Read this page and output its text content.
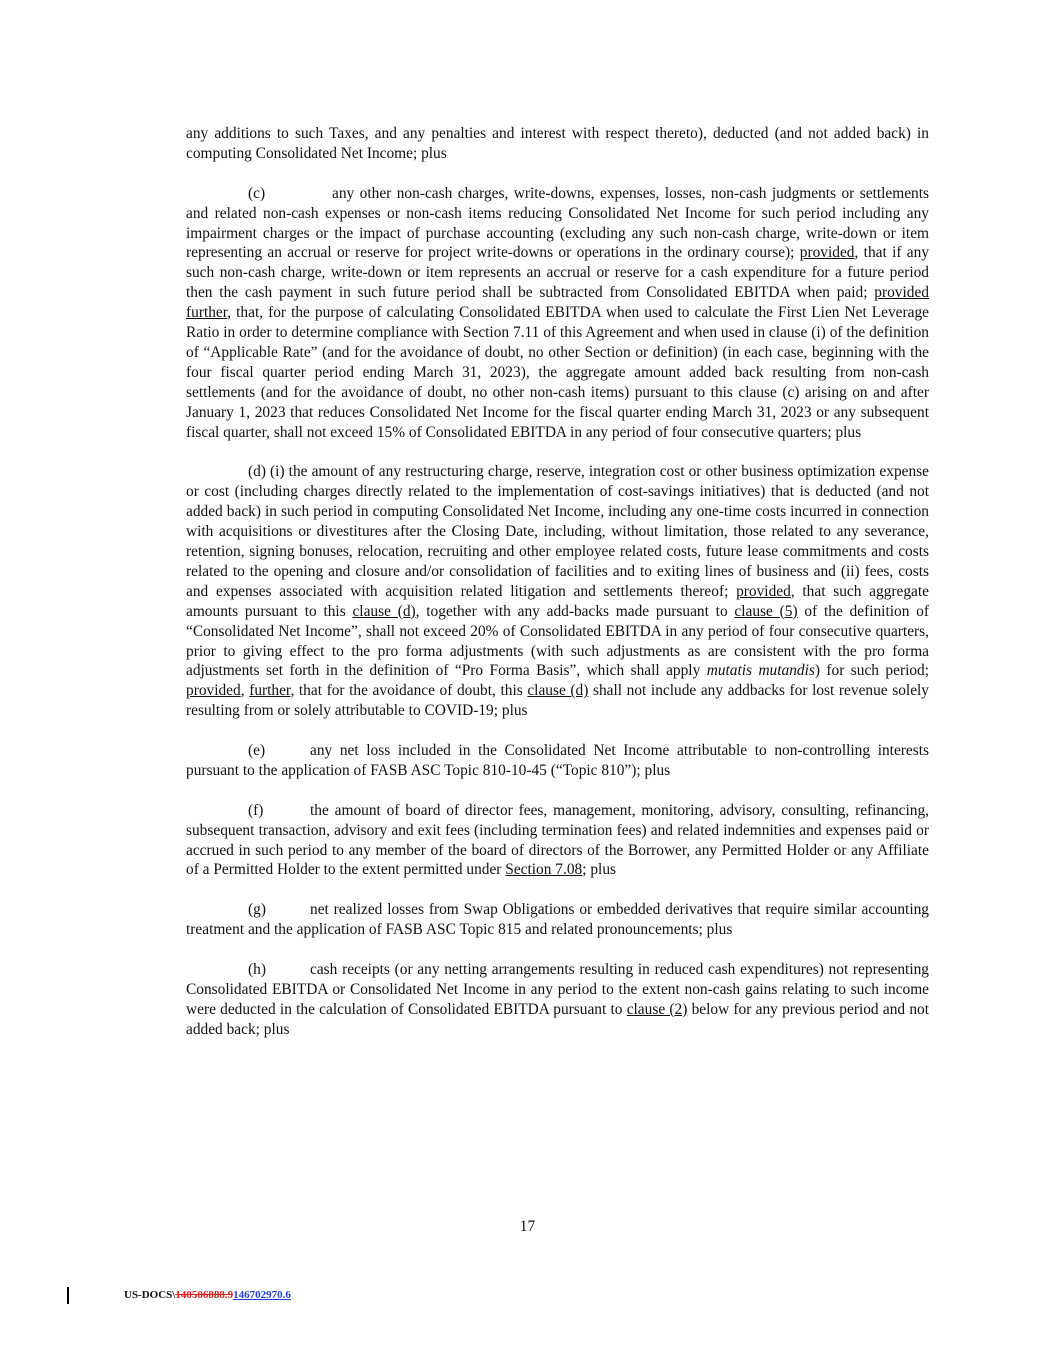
any additions to such Taxes, and any penalties and interest with respect thereto), deducted (and not added back) in computing Consolidated Net Income; plus

(c)	any other non-cash charges, write-downs, expenses, losses, non-cash judgments or settlements and related non-cash expenses or non-cash items reducing Consolidated Net Income for such period including any impairment charges or the impact of purchase accounting (excluding any such non-cash charge, write-down or item representing an accrual or reserve for project write-downs or operations in the ordinary course); provided, that if any such non-cash charge, write-down or item represents an accrual or reserve for a cash expenditure for a future period then the cash payment in such future period shall be subtracted from Consolidated EBITDA when paid; provided further, that, for the purpose of calculating Consolidated EBITDA when used to calculate the First Lien Net Leverage Ratio in order to determine compliance with Section 7.11 of this Agreement and when used in clause (i) of the definition of “Applicable Rate” (and for the avoidance of doubt, no other Section or definition) (in each case, beginning with the four fiscal quarter period ending March 31, 2023), the aggregate amount added back resulting from non-cash settlements (and for the avoidance of doubt, no other non-cash items) pursuant to this clause (c) arising on and after January 1, 2023 that reduces Consolidated Net Income for the fiscal quarter ending March 31, 2023 or any subsequent fiscal quarter, shall not exceed 15% of Consolidated EBITDA in any period of four consecutive quarters; plus

(d) (i) the amount of any restructuring charge, reserve, integration cost or other business optimization expense or cost (including charges directly related to the implementation of cost-savings initiatives) that is deducted (and not added back) in such period in computing Consolidated Net Income, including any one-time costs incurred in connection with acquisitions or divestitures after the Closing Date, including, without limitation, those related to any severance, retention, signing bonuses, relocation, recruiting and other employee related costs, future lease commitments and costs related to the opening and closure and/or consolidation of facilities and to exiting lines of business and (ii) fees, costs and expenses associated with acquisition related litigation and settlements thereof; provided, that such aggregate amounts pursuant to this clause (d), together with any add-backs made pursuant to clause (5) of the definition of “Consolidated Net Income”, shall not exceed 20% of Consolidated EBITDA in any period of four consecutive quarters, prior to giving effect to the pro forma adjustments (with such adjustments as are consistent with the pro forma adjustments set forth in the definition of “Pro Forma Basis”, which shall apply mutatis mutandis) for such period; provided, further, that for the avoidance of doubt, this clause (d) shall not include any addbacks for lost revenue solely resulting from or solely attributable to COVID-19; plus

(e)	any net loss included in the Consolidated Net Income attributable to non-controlling interests pursuant to the application of FASB ASC Topic 810-10-45 (“Topic 810”); plus

(f)	the amount of board of director fees, management, monitoring, advisory, consulting, refinancing, subsequent transaction, advisory and exit fees (including termination fees) and related indemnities and expenses paid or accrued in such period to any member of the board of directors of the Borrower, any Permitted Holder or any Affiliate of a Permitted Holder to the extent permitted under Section 7.08; plus

(g)	net realized losses from Swap Obligations or embedded derivatives that require similar accounting treatment and the application of FASB ASC Topic 815 and related pronouncements; plus

(h)	cash receipts (or any netting arrangements resulting in reduced cash expenditures) not representing Consolidated EBITDA or Consolidated Net Income in any period to the extent non-cash gains relating to such income were deducted in the calculation of Consolidated EBITDA pursuant to clause (2) below for any previous period and not added back; plus

17
US-DOCS\140506888.9146702970.6
